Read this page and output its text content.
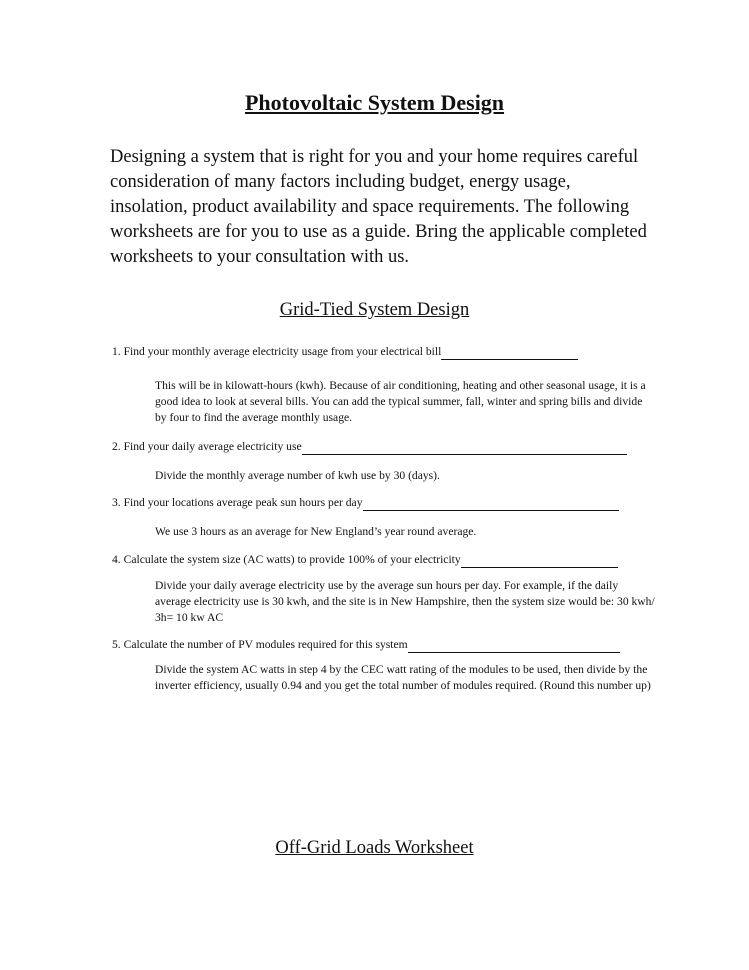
Photovoltaic System Design
Designing a system that is right for you and your home requires careful consideration of many factors including budget, energy usage, insolation, product availability and space requirements. The following worksheets are for you to use as a guide. Bring the applicable completed worksheets to your consultation with us.
Grid-Tied System Design
1. Find your monthly average electricity usage from your electrical bill
This will be in kilowatt-hours (kwh). Because of air conditioning, heating and other seasonal usage, it is a good idea to look at several bills. You can add the typical summer, fall, winter and spring bills and divide by four to find the average monthly usage.
2. Find your daily average electricity use
Divide the monthly average number of kwh use by 30 (days).
3. Find your locations average peak sun hours per day
We use 3 hours as an average for New England’s year round average.
4. Calculate the system size (AC watts) to provide 100% of your electricity
Divide your daily average electricity use by the average sun hours per day. For example, if the daily average electricity use is 30 kwh, and the site is in New Hampshire, then the system size would be: 30 kwh/ 3h= 10 kw AC
5. Calculate the number of PV modules required for this system
Divide the system AC watts in step 4 by the CEC watt rating of the modules to be used, then divide by the inverter efficiency, usually 0.94 and you get the total number of modules required. (Round this number up)
Off-Grid Loads Worksheet
